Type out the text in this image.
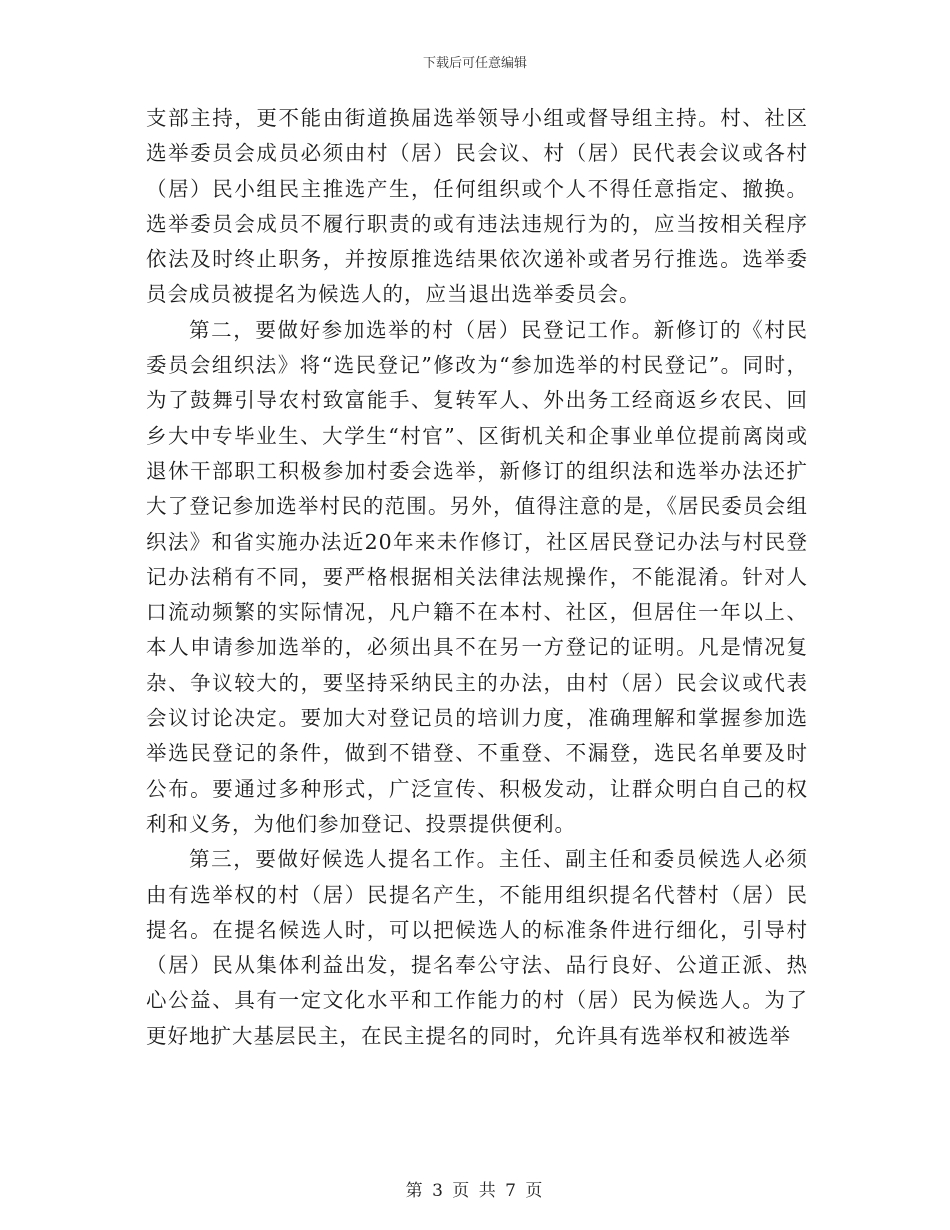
下载后可任意编辑

支部主持，更不能由街道换届选举领导小组或督导组主持。村、社区选举委员会成员必须由村（居）民会议、村（居）民代表会议或各村（居）民小组民主推选产生，任何组织或个人不得任意指定、撤换。选举委员会成员不履行职责的或有违法违规行为的，应当按相关程序依法及时终止职务，并按原推选结果依次递补或者另行推选。选举委员会成员被提名为候选人的，应当退出选举委员会。

第二，要做好参加选举的村（居）民登记工作。新修订的《村民委员会组织法》将“选民登记”修改为“参加选举的村民登记”。同时，为了鼓舞引导农村致富能手、复转军人、外出务工经商返乡农民、回乡大中专毕业生、大学生“村官”、区街机关和企事业单位提前离岗或退休干部职工积极参加村委会选举，新修订的组织法和选举办法还扩大了登记参加选举村民的范围。另外，值得注意的是，《居民委员会组织法》和省实施办法近20年来未作修订，社区居民登记办法与村民登记办法稍有不同，要严格根据相关法律法规操作，不能混淆。针对人口流动频繁的实际情况，凡户籍不在本村、社区，但居住一年以上、本人申请参加选举的，必须出具不在另一方登记的证明。凡是情况复杂、争议较大的，要坚持采纳民主的办法，由村（居）民会议或代表会议讨论决定。要加大对登记员的培训力度，准确理解和掌握参加选举选民登记的条件，做到不错登、不重登、不漏登，选民名单要及时公布。要通过多种形式，广泛宣传、积极发动，让群众明白自己的权利和义务，为他们参加登记、投票提供便利。

第三，要做好候选人提名工作。主任、副主任和委员候选人必须由有选举权的村（居）民提名产生，不能用组织提名代替村（居）民提名。在提名候选人时，可以把候选人的标准条件进行细化，引导村（居）民从集体利益出发，提名奉公守法、品行良好、公道正派、热心公益、具有一定文化水平和工作能力的村（居）民为候选人。为了更好地扩大基层民主，在民主提名的同时，允许具有选举权和被选举

第 3 页 共 7 页
